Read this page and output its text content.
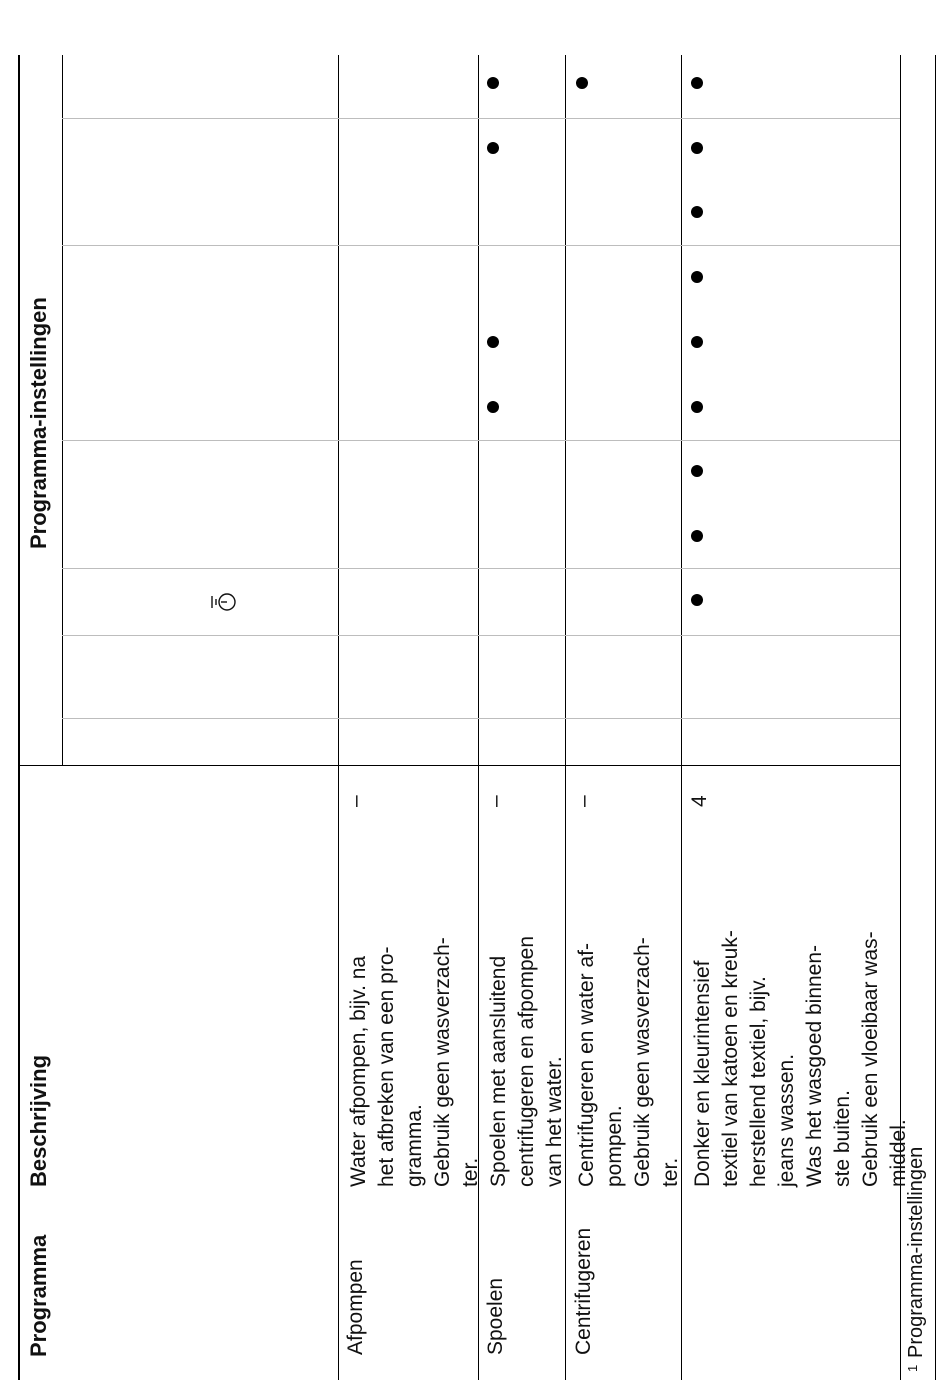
Programma
Beschrijving
Programma-instellingen
Afpompen
Water afpompen, bijv. na het afbreken van een pro- gramma. Gebruik geen wasverzach- ter.
–
Spoelen
Spoelen met aansluitend centrifugeren en afpompen van het water.
–
Centrifugeren
Centrifugeren en water af- pompen. Gebruik geen wasverzach- ter.
–
Donker en kleurintensief textiel van katoen en kreuk- herstellend textiel, bijv. jeans wassen. Was het wasgoed binnen- ste buiten. Gebruik een vloeibaar was- middel.
4
1
Programma-instellingen
